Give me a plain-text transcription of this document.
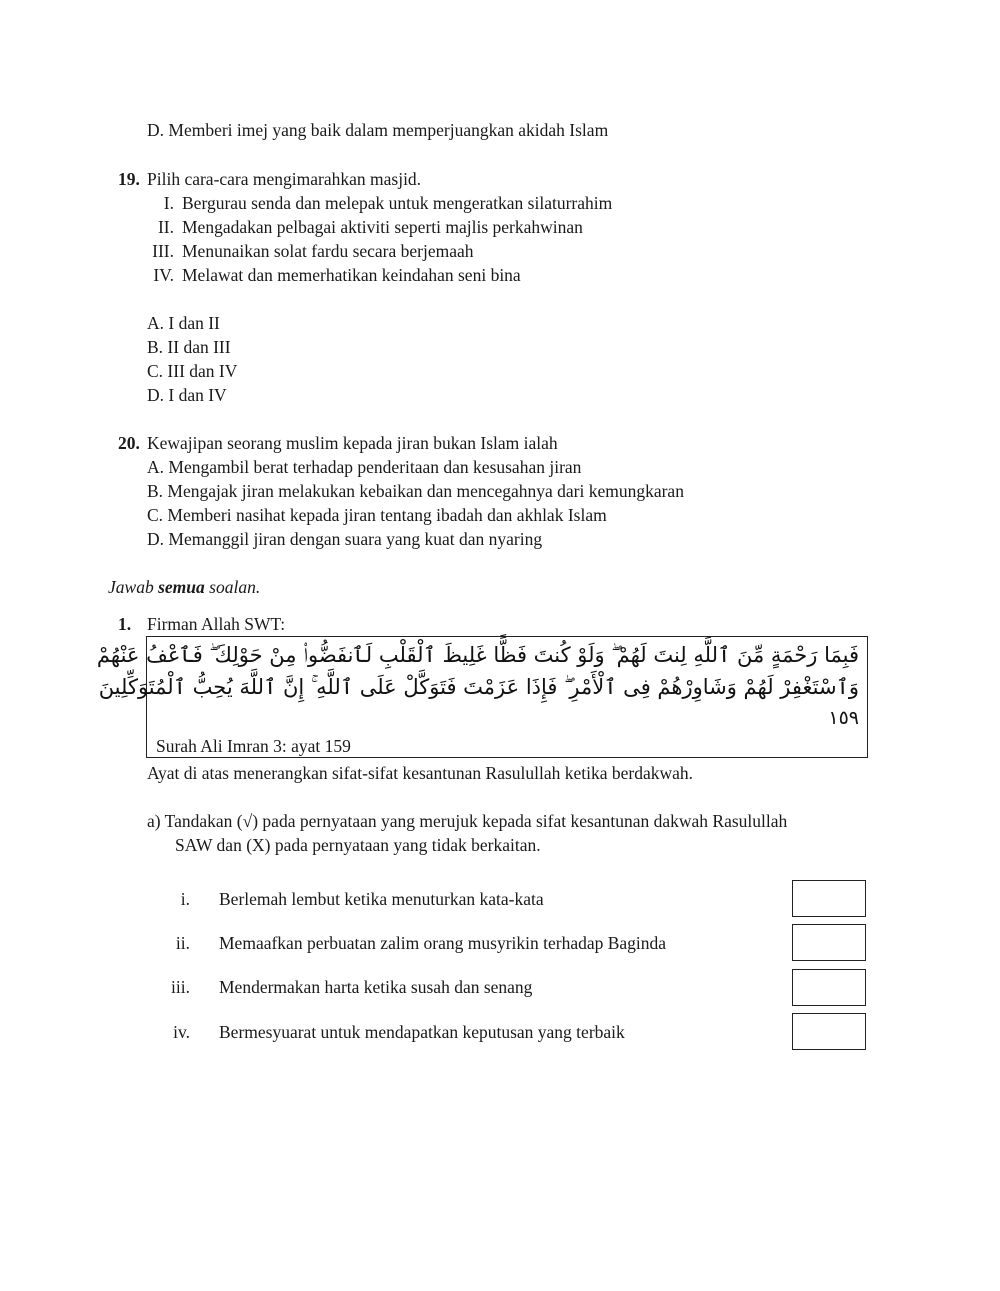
D. Memberi imej yang baik dalam memperjuangkan akidah Islam
19. Pilih cara-cara mengimarahkan masjid.
I. Bergurau senda dan melepak untuk mengeratkan silaturrahim
II. Mengadakan pelbagai aktiviti seperti majlis perkahwinan
III. Menunaikan solat fardu secara berjemaah
IV. Melawat dan memerhatikan keindahan seni bina
A. I dan II
B. II dan III
C. III dan IV
D. I dan IV
20. Kewajipan seorang muslim kepada jiran bukan Islam ialah
A. Mengambil berat terhadap penderitaan dan kesusahan jiran
B. Mengajak jiran melakukan kebaikan dan mencegahnya dari kemungkaran
C. Memberi nasihat kepada jiran tentang ibadah dan akhlak Islam
D. Memanggil jiran dengan suara yang kuat dan nyaring
Jawab semua soalan.
1. Firman Allah SWT:
فَبِمَا رَحْمَةٍ مِّنَ ٱللَّهِ لِنتَ لَهُمْ ۖ وَلَوْ كُنتَ فَظًّا غَلِيظَ ٱلْقَلْبِ لَٱنفَضُّوا۟ مِنْ حَوْلِكَ ۖ فَٱعْفُ عَنْهُمْ
وَٱسْتَغْفِرْ لَهُمْ وَشَاوِرْهُمْ فِى ٱلْأَمْرِ ۖ فَإِذَا عَزَمْتَ فَتَوَكَّلْ عَلَى ٱللَّهِ ۚ إِنَّ ٱللَّهَ يُحِبُّ ٱلْمُتَوَكِّلِينَ
١٥٩
Surah Ali Imran 3: ayat 159
Ayat di atas menerangkan sifat-sifat kesantunan Rasulullah ketika berdakwah.
a) Tandakan (√) pada pernyataan yang merujuk kepada sifat kesantunan dakwah Rasulullah
SAW dan (X) pada pernyataan yang tidak berkaitan.
i. Berlemah lembut ketika menuturkan kata-kata
ii. Memaafkan perbuatan zalim orang musyrikin terhadap Baginda
iii. Mendermakan harta ketika susah dan senang
iv. Bermesyuarat untuk mendapatkan keputusan yang terbaik
